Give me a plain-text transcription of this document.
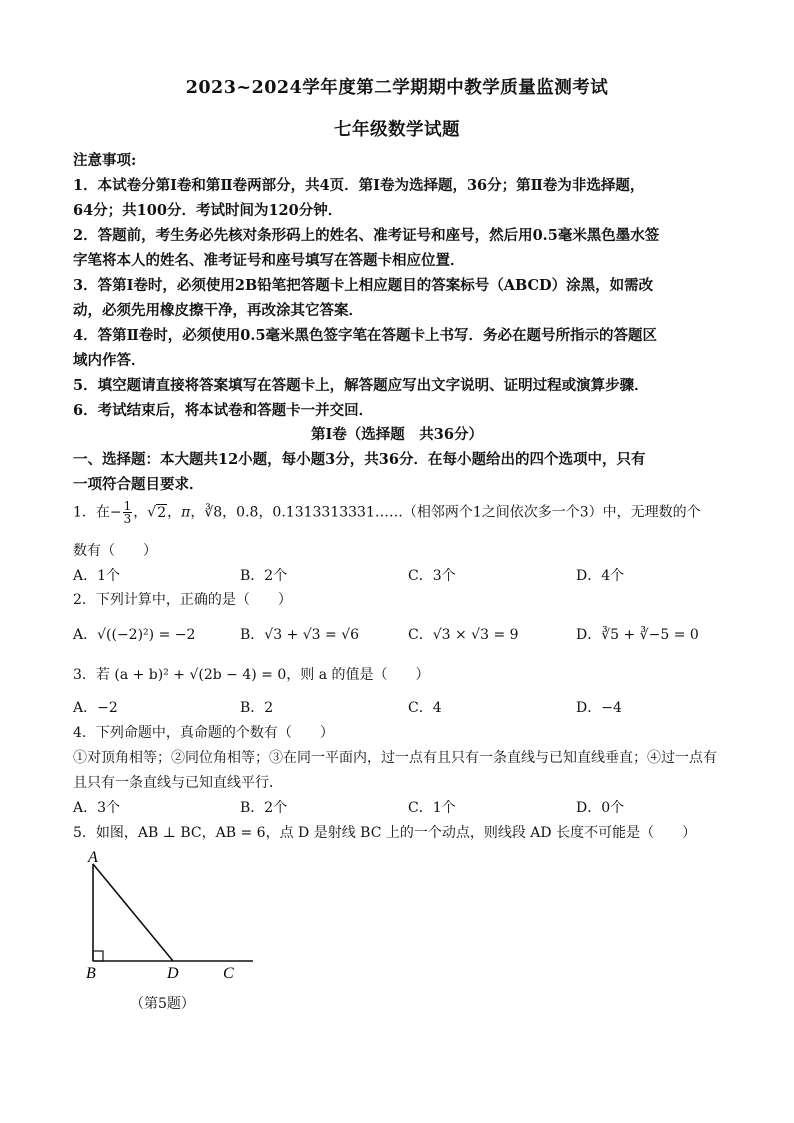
2023~2024学年度第二学期期中教学质量监测考试
七年级数学试题
注意事项:
1．本试卷分第Ⅰ卷和第Ⅱ卷两部分，共4页．第Ⅰ卷为选择题，36分；第Ⅱ卷为非选择题，
64分；共100分．考试时间为120分钟．
2．答题前，考生务必先核对条形码上的姓名、准考证号和座号，然后用0.5毫米黑色墨水签
字笔将本人的姓名、准考证号和座号填写在答题卡相应位置．
3．答第Ⅰ卷时，必须使用2B铅笔把答题卡上相应题目的答案标号（ABCD）涂黑，如需改
动，必须先用橡皮擦干净，再改涂其它答案．
4．答第Ⅱ卷时，必须使用0.5毫米黑色签字笔在答题卡上书写．务必在题号所指示的答题区
域内作答．
5．填空题请直接将答案填写在答题卡上，解答题应写出文字说明、证明过程或演算步骤．
6．考试结束后，将本试卷和答题卡一并交回．
第Ⅰ卷（选择题　共36分）
一、选择题：本大题共12小题，每小题3分，共36分．在每小题给出的四个选项中，只有
一项符合题目要求．
1．在− $\frac{1}{3}$ ，√2，π，∛8，0.8̇，0.1313313331……（相邻两个1之间依次多一个3）中，无理数的个
数有（　　）
A．1个	B．2个	C．3个	D．4个
2．下列计算中，正确的是（　　）
A．√((−2)²) = −2	B．√3 + √3 = √6	C．√3 × √3 = 9	D．∛5 + ∛−5 = 0
3．若 (a + b)² + √(2b − 4) = 0，则 a 的值是（　　）
A．−2	B．2	C．4	D．−4
4．下列命题中，真命题的个数有（　　）
①对顶角相等；②同位角相等；③在同一平面内，过一点有且只有一条直线与已知直线垂直；④过一点有
且只有一条直线与已知直线平行．
A．3个	B．2个	C．1个	D．0个
5．如图，AB ⊥ BC，AB = 6，点 D 是射线 BC 上的一个动点，则线段 AD 长度不可能是（　　）
A
B	D	C
（第5题）
